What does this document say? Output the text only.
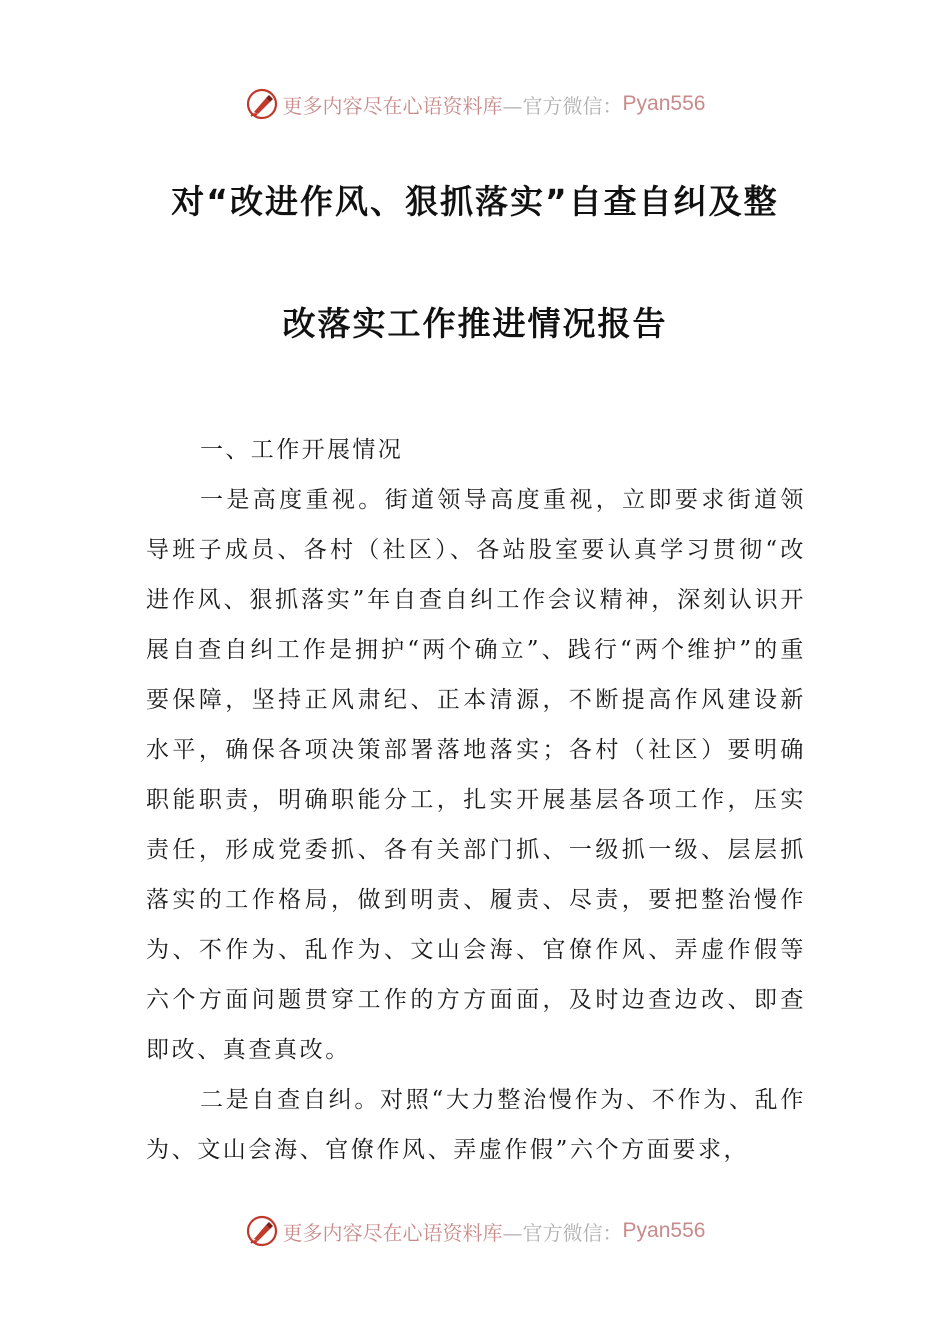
更多内容尽在心语资料库 —官方微信： Pyan556
对“改进作风、狠抓落实”自查自纠及整
改落实工作推进情况报告

一、工作开展情况

一是高度重视。街道领导高度重视，立即要求街道领导班子成员、各村（社区）、各站股室要认真学习贯彻“改进作风、狠抓落实”年自查自纠工作会议精神，深刻认识开展自查自纠工作是拥护“两个确立”、践行“两个维护”的重要保障，坚持正风肃纪、正本清源，不断提高作风建设新水平，确保各项决策部署落地落实；各村（社区）要明确职能职责，明确职能分工，扎实开展基层各项工作，压实责任，形成党委抓、各有关部门抓、一级抓一级、层层抓落实的工作格局，做到明责、履责、尽责，要把整治慢作为、不作为、乱作为、文山会海、官僚作风、弄虚作假等六个方面问题贯穿工作的方方面面，及时边查边改、即查即改、真查真改。

二是自查自纠。对照“大力整治慢作为、不作为、乱作为、文山会海、官僚作风、弄虚作假”六个方面要求，

更多内容尽在心语资料库 —官方微信： Pyan556
